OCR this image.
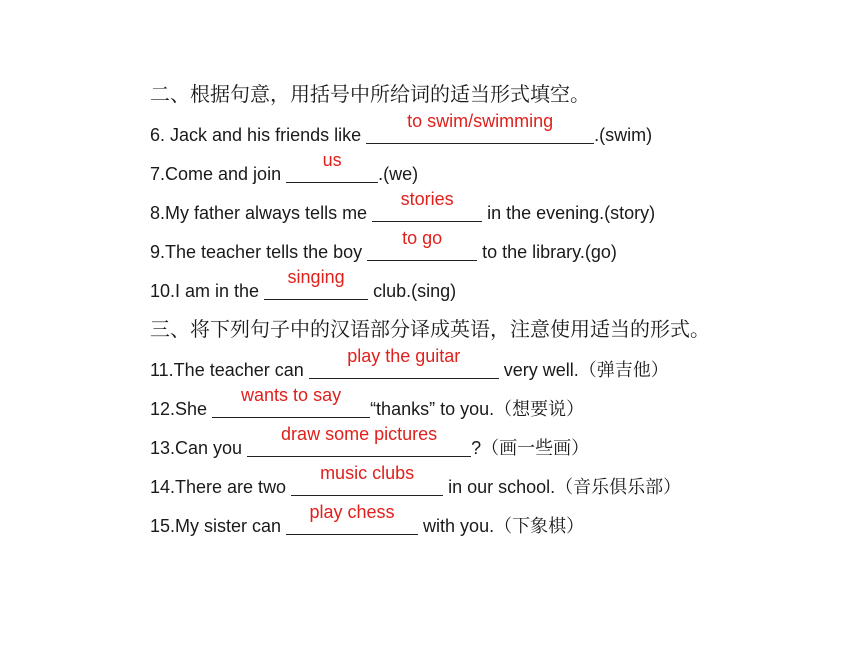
二、根据句意，用括号中所给词的适当形式填空。
6. Jack and his friends like
to swim/swimming
.(swim)
7.Come and join
us
.(we)
8.My father always tells me
stories
in the evening.(story)
9.The teacher tells the boy
to go
to the library.(go)
10.I am in the
singing
club.(sing)
三、将下列句子中的汉语部分译成英语，注意使用适当的形式。
11.The teacher can
play the guitar
very well.（弹吉他）
12.She
wants to say
“thanks” to you.（想要说）
13.Can you
draw some pictures
?（画一些画）
14.There are two
music clubs
in our school.（音乐俱乐部）
15.My sister can
play chess
with you.（下象棋）
